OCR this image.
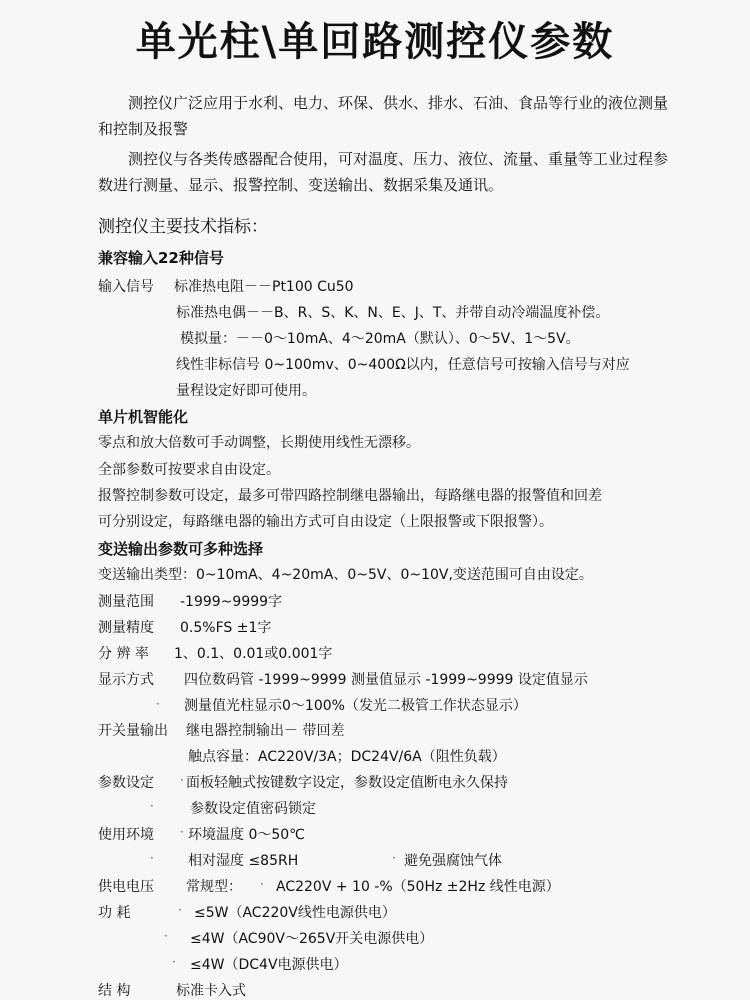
单光柱\单回路测控仪参数

测控仪广泛应用于水利、电力、环保、供水、排水、石油、食品等行业的液位测量和控制及报警

测控仪与各类传感器配合使用，可对温度、压力、液位、流量、重量等工业过程参数进行测量、显示、报警控制、变送输出、数据采集及通讯。

测控仪主要技术指标：

兼容输入22种信号

输入信号 标准热电阻－－Pt100 Cu50

标准热电偶－－B、R、S、K、N、E、J、T、并带自动冷端温度补偿。

模拟量：－－0～10mA、4～20mA（默认）、0～5V、1～5V。

线性非标信号 0~100mv、0~400Ω以内，任意信号可按输入信号与对应

量程设定好即可使用。

单片机智能化

零点和放大倍数可手动调整，长期使用线性无漂移。

全部参数可按要求自由设定。

报警控制参数可设定，最多可带四路控制继电器输出，每路继电器的报警值和回差

可分别设定，每路继电器的输出方式可自由设定（上限报警或下限报警）。

变送输出参数可多种选择

变送输出类型：0~10mA、4~20mA、0~5V、0~10V,变送范围可自由设定。

测量范围 -1999~9999字

测量精度 0.5%FS ±1字

分 辨 率 1、0.1、0.01或0.001字

显示方式 四位数码管 -1999~9999 测量值显示 -1999~9999 设定值显示

测量值光柱显示0～100%（发光二极管工作状态显示）

开关量输出 继电器控制输出－ 带回差

触点容量：AC220V/3A；DC24V/6A（阻性负载）

参数设定 面板轻触式按键数字设定，参数设定值断电永久保持

参数设定值密码锁定

使用环境 环境温度 0～50℃

相对湿度 ≤85RH	避免强腐蚀气体

供电电压 常规型： AC220V + 10 -%（50Hz ±2Hz 线性电源）

功 耗	≤5W（AC220V线性电源供电）

≤4W（AC90V～265V开关电源供电）

≤4W（DC4V电源供电）

结 构	标准卡入式

·
·
·
·
·	·
·
·
·
·
